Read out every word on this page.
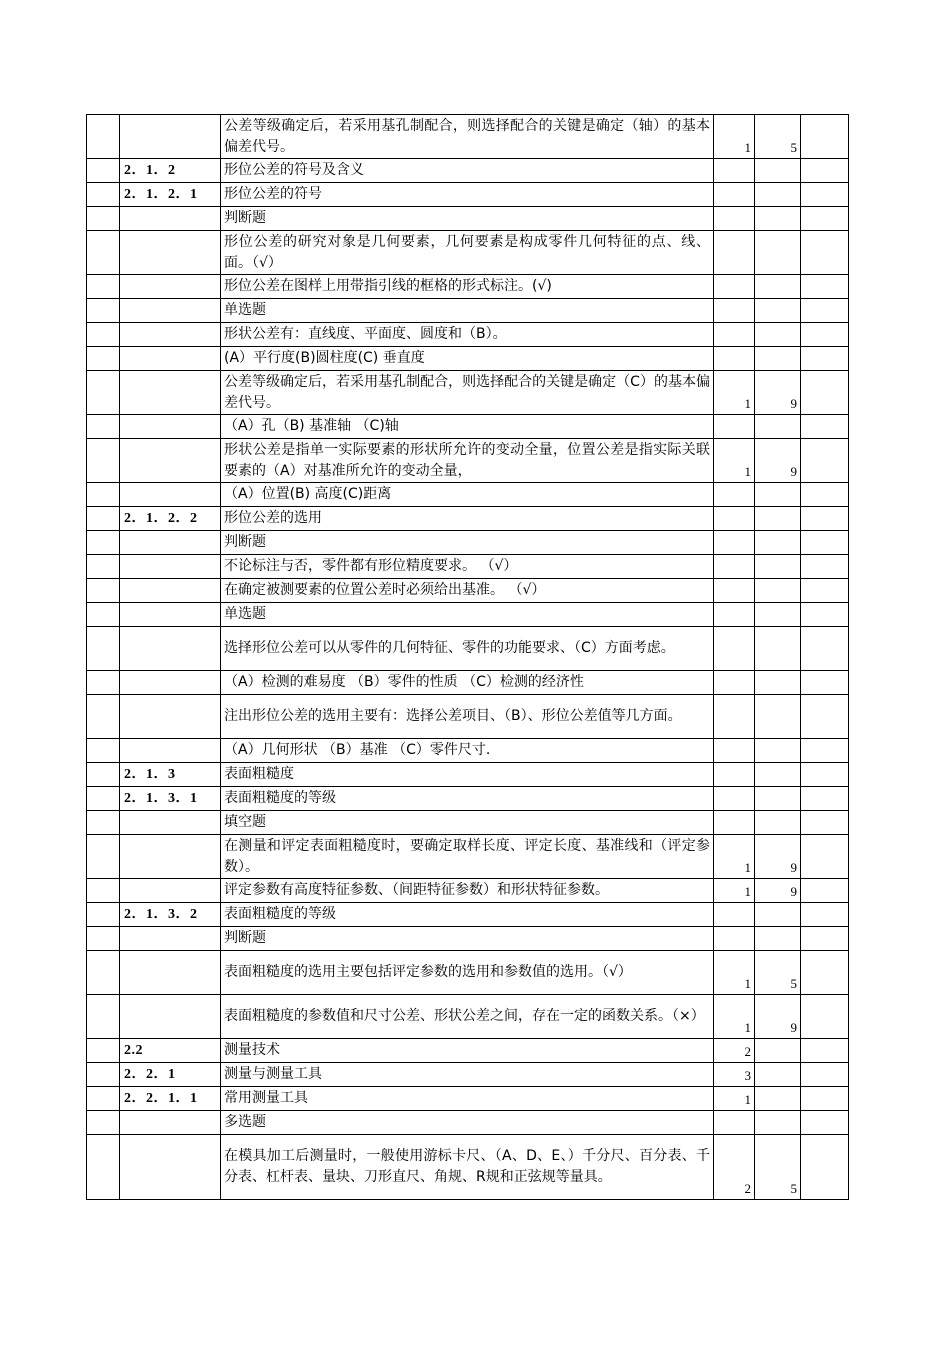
		公差等级确定后，若采用基孔制配合，则选择配合的关键是确定（轴）的基本偏差代号。	1	5	
	2．1．2	形位公差的符号及含义			
	2．1．2．1	形位公差的符号			
		判断题			
		形位公差的研究对象是几何要素，几何要素是构成零件几何特征的点、线、面。（√）			
		形位公差在图样上用带指引线的框格的形式标注。(√)			
		单选题			
		形状公差有：直线度、平面度、圆度和（B）。			
		(A）平行度(B)圆柱度(C) 垂直度			
		公差等级确定后，若采用基孔制配合，则选择配合的关键是确定（C）的基本偏差代号。	1	9	
		（A）孔（B) 基准轴 （C)轴			
		形状公差是指单一实际要素的形状所允许的变动全量，位置公差是指实际关联要素的（A）对基准所允许的变动全量，	1	9	
		（A）位置(B) 高度(C)距离			
	2．1．2．2	形位公差的选用			
		判断题			
		不论标注与否，零件都有形位精度要求。 （√）			
		在确定被测要素的位置公差时必须给出基准。 （√）			
		单选题			
		选择形位公差可以从零件的几何特征、零件的功能要求、（C）方面考虑。			
		（A）检测的难易度 （B）零件的性质 （C）检测的经济性			
		注出形位公差的选用主要有：选择公差项目、（B）、形位公差值等几方面。			
		（A）几何形状 （B）基准 （C）零件尺寸.			
	2．1．3	表面粗糙度			
	2．1．3．1	表面粗糙度的等级			
		填空题			
		在测量和评定表面粗糙度时，要确定取样长度、评定长度、基准线和（评定参数）。	1	9	
		评定参数有高度特征参数、（间距特征参数）和形状特征参数。	1	9	
	2．1．3．2	表面粗糙度的等级			
		判断题			
		表面粗糙度的选用主要包括评定参数的选用和参数值的选用。（√）	1	5	
		表面粗糙度的参数值和尺寸公差、形状公差之间，存在一定的函数关系。（×）	1	9	
	2.2	测量技术	2		
	2．2．1	测量与测量工具	3		
	2．2．1．1	常用测量工具	1		
		多选题			
		在模具加工后测量时，一般使用游标卡尺、（A、D、E、）千分尺、百分表、千分表、杠杆表、量块、刀形直尺、角规、R规和正弦规等量具。	2	5	
